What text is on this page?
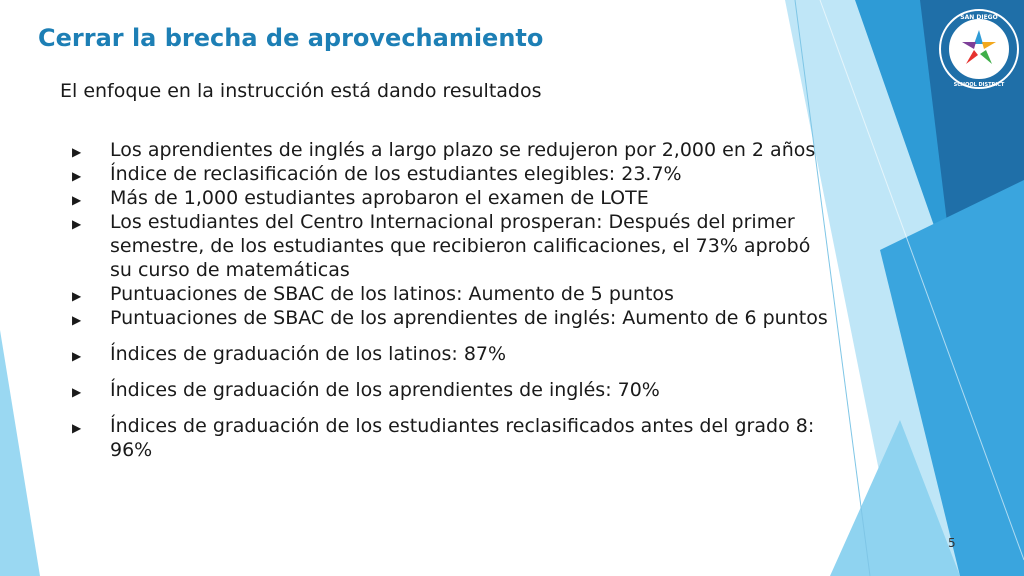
SAN DIEGO
SCHOOL DISTRICT
Cerrar la brecha de aprovechamiento
El enfoque en la instrucción está dando resultados
▶ Los aprendientes de inglés a largo plazo se redujeron por 2,000 en 2 años
▶ Índice de reclasificación de los estudiantes elegibles: 23.7%
▶ Más de 1,000 estudiantes aprobaron el examen de LOTE
▶ Los estudiantes del Centro Internacional prosperan: Después del primer semestre, de los estudiantes que recibieron calificaciones, el 73% aprobó su curso de matemáticas
▶ Puntuaciones de SBAC de los latinos: Aumento de 5 puntos
▶ Puntuaciones de SBAC de los aprendientes de inglés: Aumento de 6 puntos
▶ Índices de graduación de los latinos: 87%
▶ Índices de graduación de los aprendientes de inglés: 70%
▶ Índices de graduación de los estudiantes reclasificados antes del grado 8: 96%
5
